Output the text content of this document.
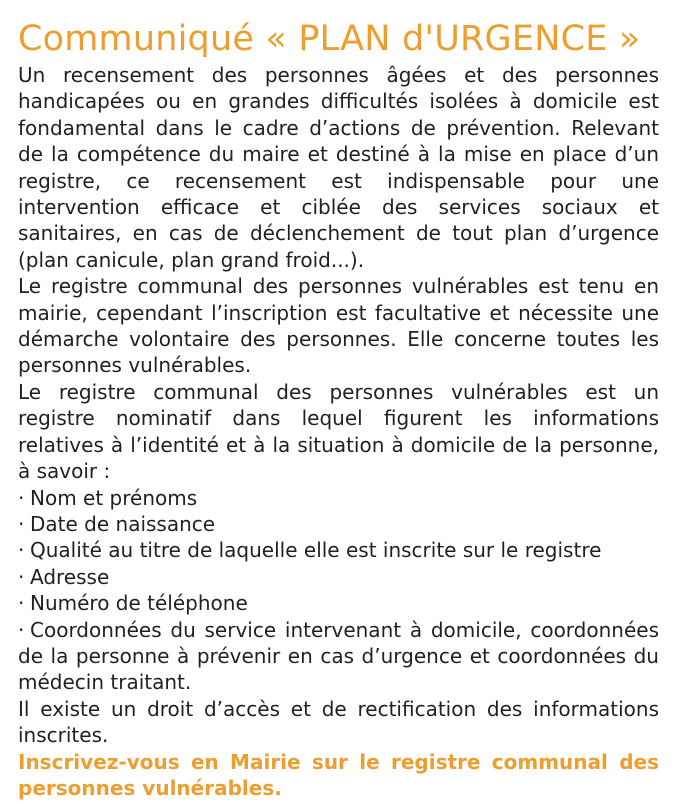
Communiqué « PLAN d'URGENCE »

Un recensement des personnes âgées et des personnes handicapées ou en grandes difficultés isolées à domicile est fondamental dans le cadre d’actions de prévention. Relevant de la compétence du maire et destiné à la mise en place d’un registre, ce recensement est indispensable pour une intervention efficace et ciblée des services sociaux et sanitaires, en cas de déclenchement de tout plan d’urgence (plan canicule, plan grand froid...).

Le registre communal des personnes vulnérables est tenu en mairie, cependant l’inscription est facultative et nécessite une démarche volontaire des personnes. Elle concerne toutes les personnes vulnérables.

Le registre communal des personnes vulnérables est un registre nominatif dans lequel figurent les informations relatives à l’identité et à la situation à domicile de la personne, à savoir :

· Nom et prénoms
· Date de naissance
· Qualité au titre de laquelle elle est inscrite sur le registre
· Adresse
· Numéro de téléphone
· Coordonnées du service intervenant à domicile, coordonnées de la personne à prévenir en cas d’urgence et coordonnées du médecin traitant.

Il existe un droit d’accès et de rectification des informations inscrites.

Inscrivez-vous en Mairie sur le registre communal des personnes vulnérables.
